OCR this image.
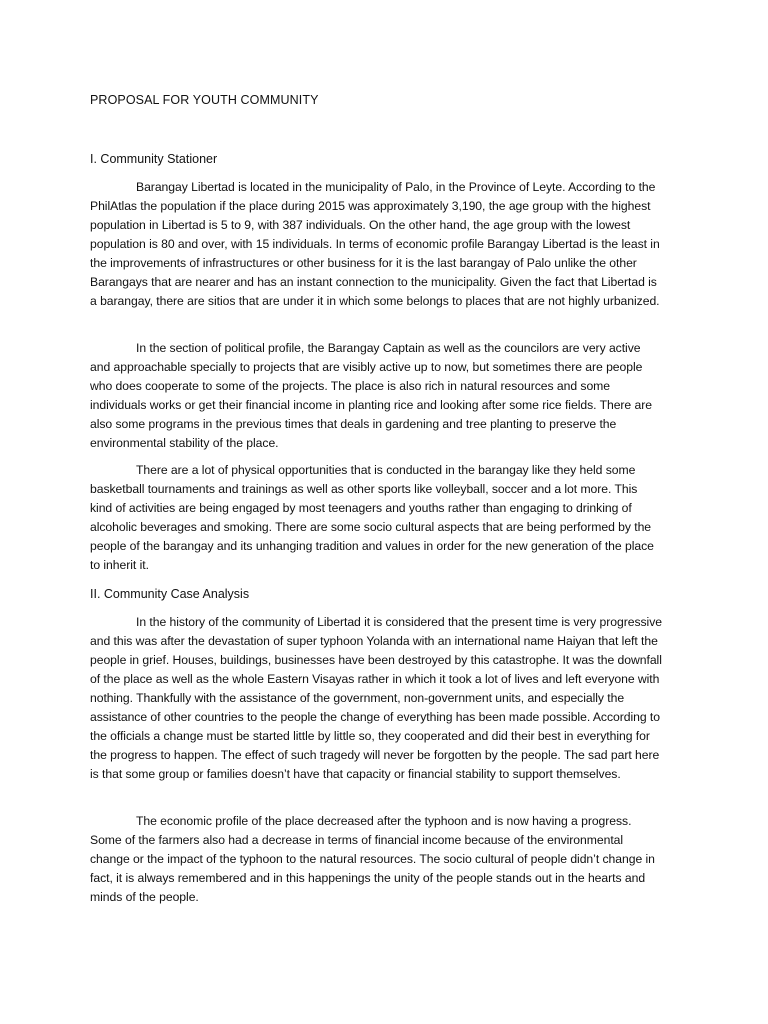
PROPOSAL FOR YOUTH COMMUNITY
I. Community Stationer

Barangay Libertad is located in the municipality of Palo, in the Province of Leyte. According to the PhilAtlas the population if the place during 2015 was approximately 3,190, the age group with the highest population in Libertad is 5 to 9, with 387 individuals. On the other hand, the age group with the lowest population is 80 and over, with 15 individuals. In terms of economic profile Barangay Libertad is the least in the improvements of infrastructures or other business for it is the last barangay of Palo unlike the other Barangays that are nearer and has an instant connection to the municipality. Given the fact that Libertad is a barangay, there are sitios that are under it in which some belongs to places that are not highly urbanized.

In the section of political profile, the Barangay Captain as well as the councilors are very active and approachable specially to projects that are visibly active up to now, but sometimes there are people who does cooperate to some of the projects. The place is also rich in natural resources and some individuals works or get their financial income in planting rice and looking after some rice fields. There are also some programs in the previous times that deals in gardening and tree planting to preserve the environmental stability of the place.

There are a lot of physical opportunities that is conducted in the barangay like they held some basketball tournaments and trainings as well as other sports like volleyball, soccer and a lot more. This kind of activities are being engaged by most teenagers and youths rather than engaging to drinking of alcoholic beverages and smoking. There are some socio cultural aspects that are being performed by the people of the barangay and its unhanging tradition and values in order for the new generation of the place to inherit it.

II. Community Case Analysis

In the history of the community of Libertad it is considered that the present time is very progressive and this was after the devastation of super typhoon Yolanda with an international name Haiyan that left the people in grief. Houses, buildings, businesses have been destroyed by this catastrophe. It was the downfall of the place as well as the whole Eastern Visayas rather in which it took a lot of lives and left everyone with nothing. Thankfully with the assistance of the government, non-government units, and especially the assistance of other countries to the people the change of everything has been made possible. According to the officials a change must be started little by little so, they cooperated and did their best in everything for the progress to happen. The effect of such tragedy will never be forgotten by the people. The sad part here is that some group or families doesn’t have that capacity or financial stability to support themselves.

The economic profile of the place decreased after the typhoon and is now having a progress. Some of the farmers also had a decrease in terms of financial income because of the environmental change or the impact of the typhoon to the natural resources. The socio cultural of people didn’t change in fact, it is always remembered and in this happenings the unity of the people stands out in the hearts and minds of the people.
